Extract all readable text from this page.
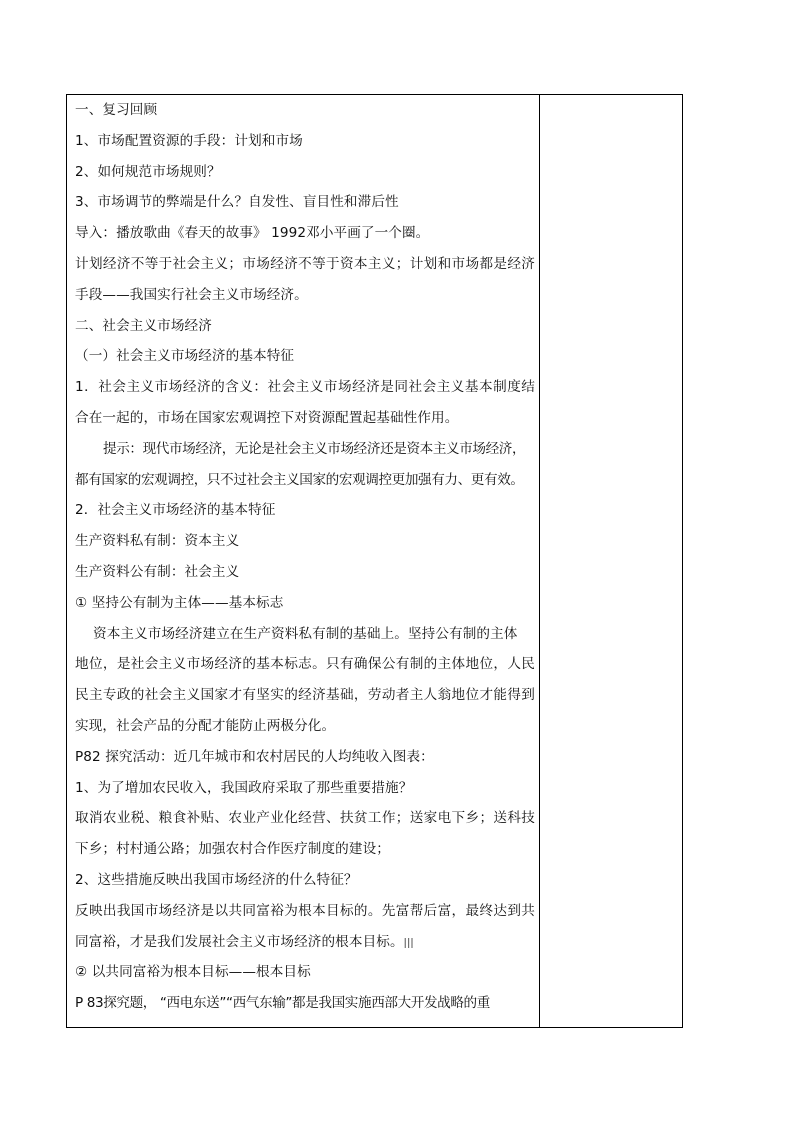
一、复习回顾
1、市场配置资源的手段：计划和市场
2、如何规范市场规则？
3、市场调节的弊端是什么？自发性、盲目性和滞后性
导入：播放歌曲《春天的故事》 1992邓小平画了一个圈。
计划经济不等于社会主义；市场经济不等于资本主义；计划和市场都是经济
手段——我国实行社会主义市场经济。
二、社会主义市场经济
（一）社会主义市场经济的基本特征
1．社会主义市场经济的含义：社会主义市场经济是同社会主义基本制度结
合在一起的，市场在国家宏观调控下对资源配置起基础性作用。
提示：现代市场经济，无论是社会主义市场经济还是资本主义市场经济，
都有国家的宏观调控，只不过社会主义国家的宏观调控更加强有力、更有效。
2．社会主义市场经济的基本特征
生产资料私有制：资本主义
生产资料公有制：社会主义
① 坚持公有制为主体——基本标志
资本主义市场经济建立在生产资料私有制的基础上。坚持公有制的主体
地位，是社会主义市场经济的基本标志。只有确保公有制的主体地位，人民
民主专政的社会主义国家才有坚实的经济基础，劳动者主人翁地位才能得到
实现，社会产品的分配才能防止两极分化。
P82 探究活动：近几年城市和农村居民的人均纯收入图表：
1、为了增加农民收入，我国政府采取了那些重要措施？
取消农业税、粮食补贴、农业产业化经营、扶贫工作；送家电下乡；送科技
下乡；村村通公路；加强农村合作医疗制度的建设；
2、这些措施反映出我国市场经济的什么特征？
反映出我国市场经济是以共同富裕为根本目标的。先富帮后富，最终达到共
同富裕，才是我们发展社会主义市场经济的根本目标。ǀǀǀ
② 以共同富裕为根本目标——根本目标
P 83探究题， “西电东送”“西气东输”都是我国实施西部大开发战略的重
